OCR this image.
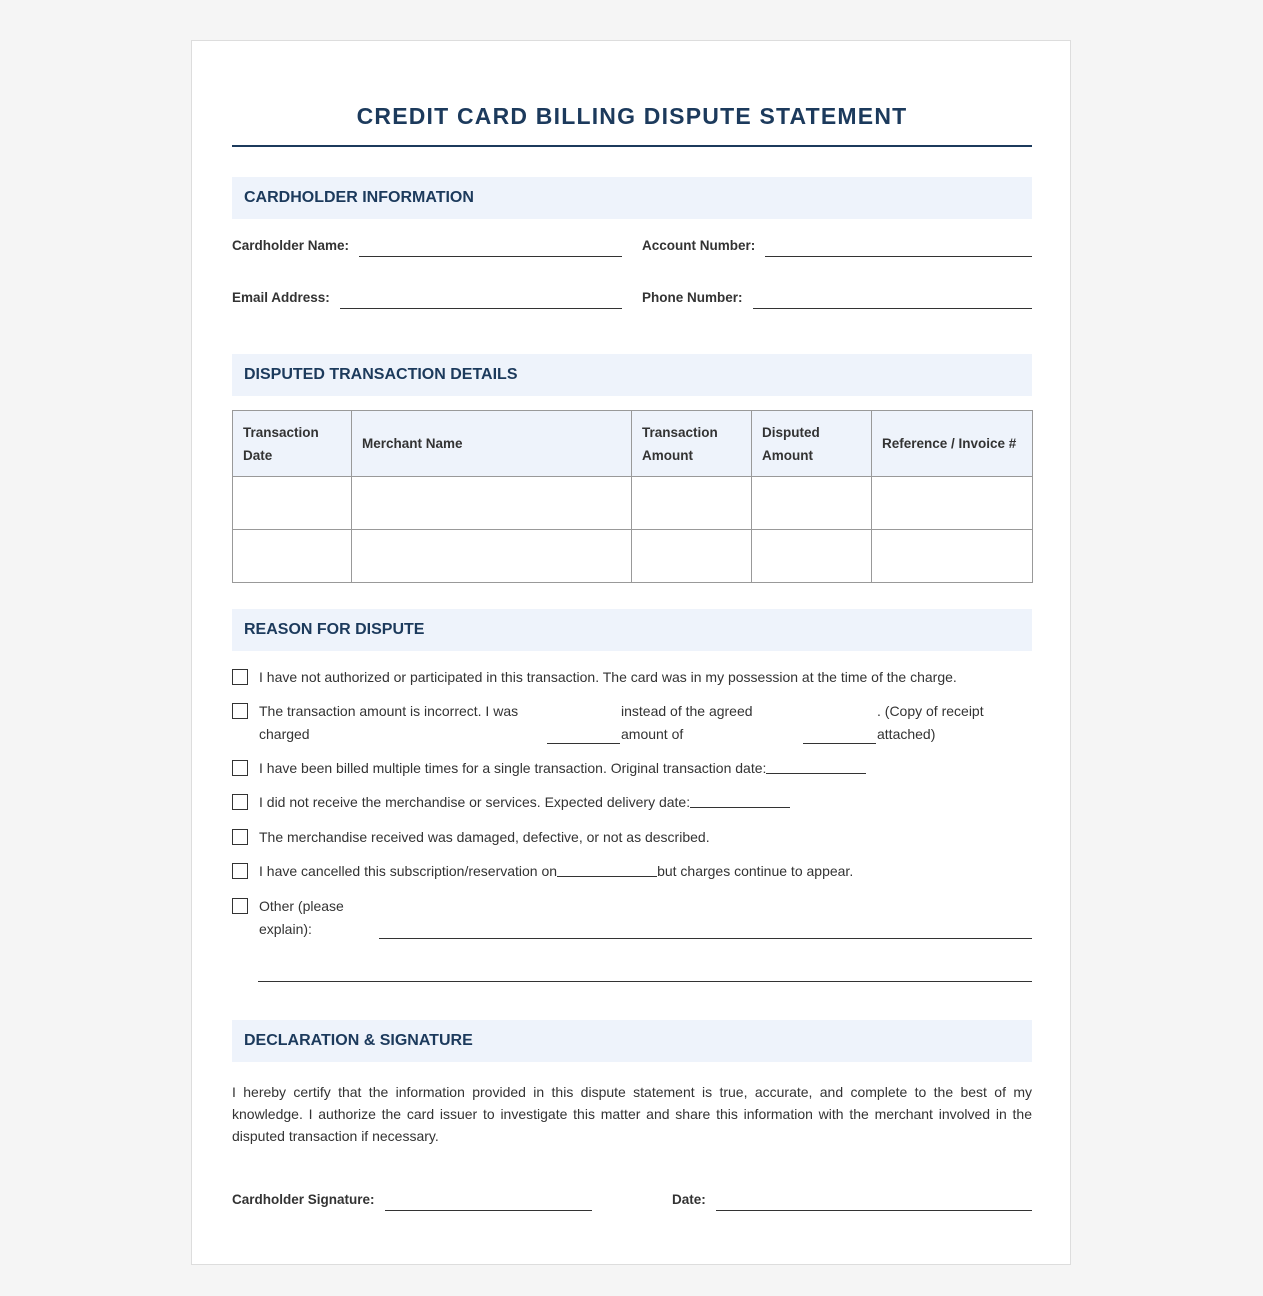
CREDIT CARD BILLING DISPUTE STATEMENT
CARDHOLDER INFORMATION
Cardholder Name:	Account Number:
Email Address:	Phone Number:
DISPUTED TRANSACTION DETAILS
Transaction Date	Merchant Name	Transaction Amount	Disputed Amount	Reference / Invoice #

REASON FOR DISPUTE
I have not authorized or participated in this transaction. The card was in my possession at the time of the charge.
The transaction amount is incorrect. I was
charged
instead of the agreed
amount of
. (Copy of receipt
attached)
I have been billed multiple times for a single transaction. Original transaction date:
I did not receive the merchandise or services. Expected delivery date:
The merchandise received was damaged, defective, or not as described.
I have cancelled this subscription/reservation on	but charges continue to appear.
Other (please
explain):
DECLARATION & SIGNATURE
I hereby certify that the information provided in this dispute statement is true, accurate, and complete to the best of my knowledge. I authorize the card issuer to investigate this matter and share this information with the merchant involved in the disputed transaction if necessary.
Cardholder Signature:	Date:
